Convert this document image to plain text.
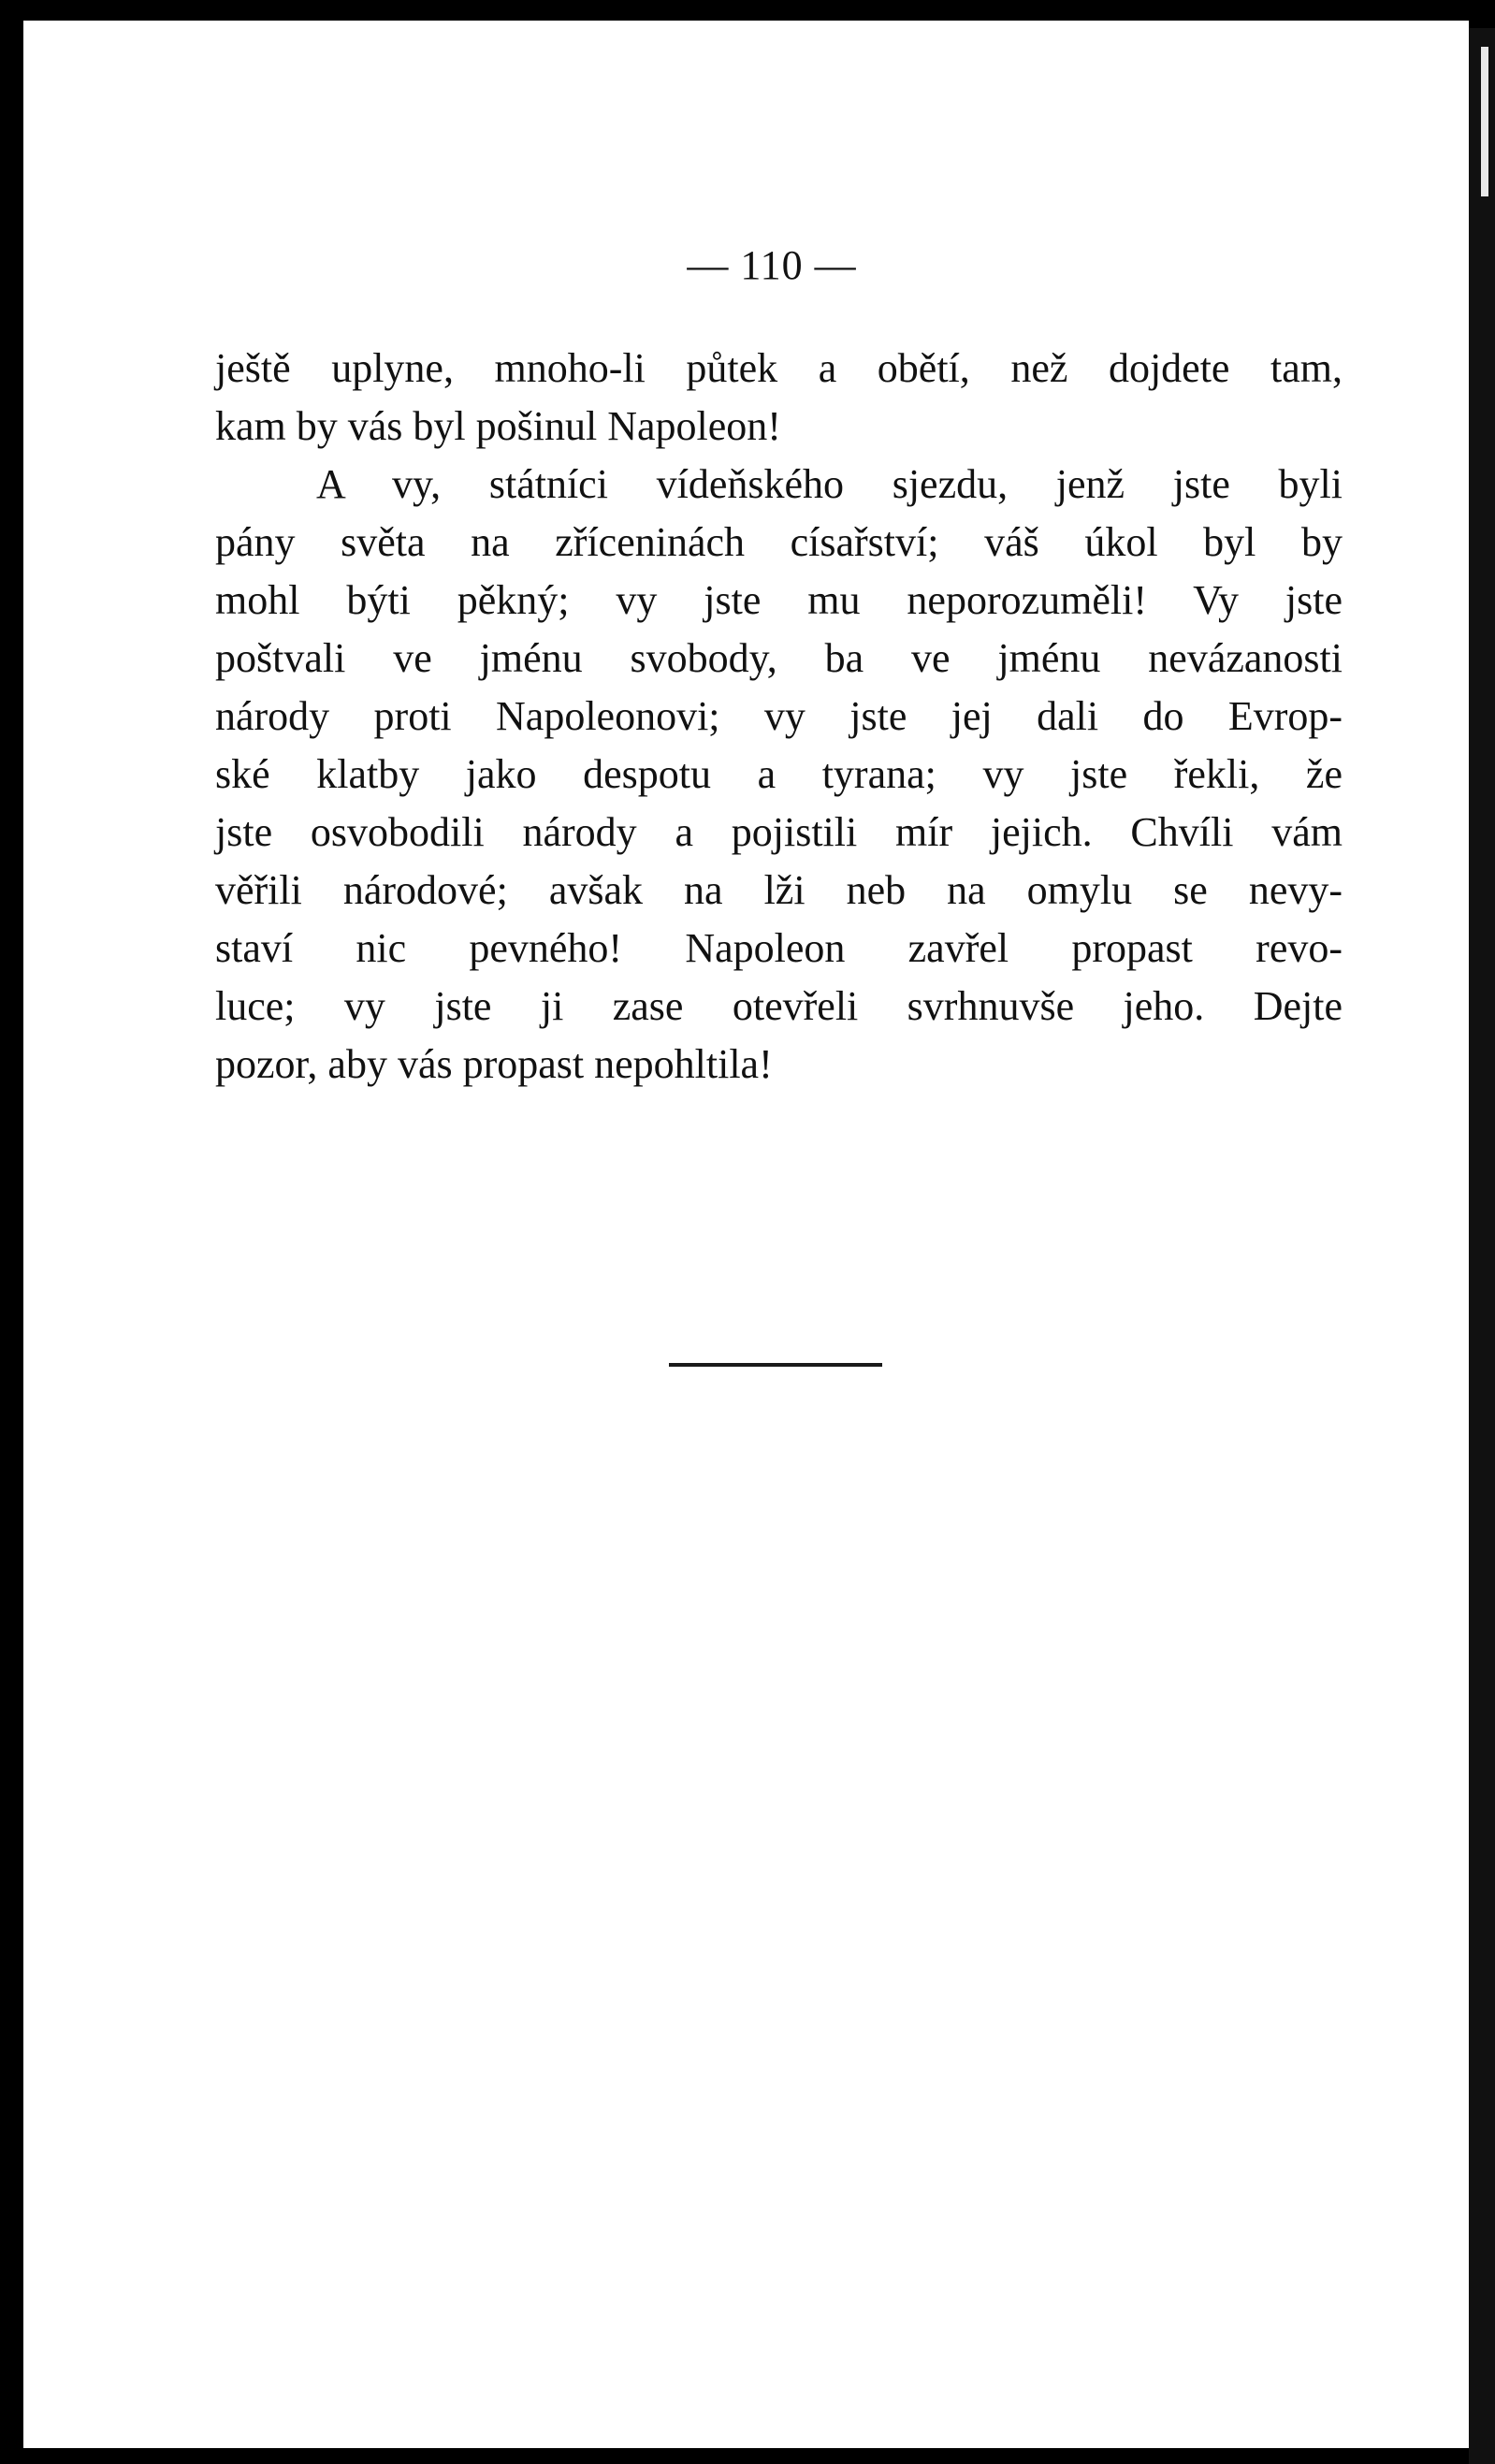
— 110 —
ještě uplyne, mnoho-li půtek a obětí, než dojdete tam,
kam by vás byl pošinul Napoleon!
A vy, státníci vídeňského sjezdu, jenž jste byli
pány světa na zříceninách císařství; váš úkol byl by
mohl býti pěkný; vy jste mu neporozuměli! Vy jste
poštvali ve jménu svobody, ba ve jménu nevázanosti
národy proti Napoleonovi; vy jste jej dali do Evrop-
ské klatby jako despotu a tyrana; vy jste řekli, že
jste osvobodili národy a pojistili mír jejich. Chvíli vám
věřili národové; avšak na lži neb na omylu se nevy-
staví nic pevného! Napoleon zavřel propast revo-
luce; vy jste ji zase otevřeli svrhnuvše jeho. Dejte
pozor, aby vás propast nepohltila!
